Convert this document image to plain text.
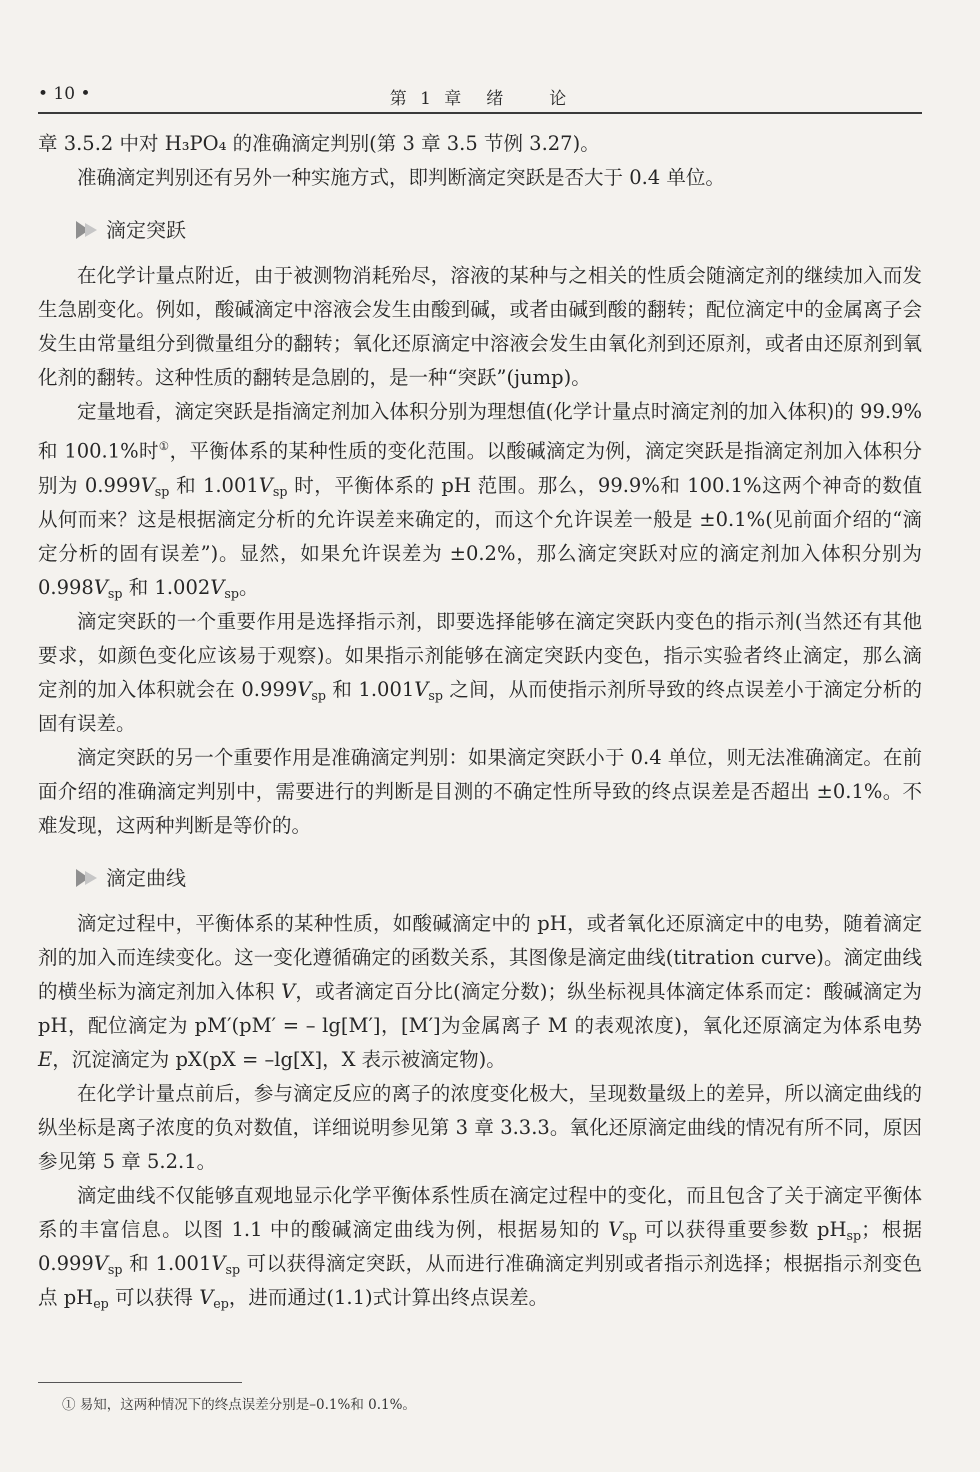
• 10 •	第 1 章　绪　　论

章 3.5.2 中对 H₃PO₄ 的准确滴定判别(第 3 章 3.5 节例 3.27)。

准确滴定判别还有另外一种实施方式，即判断滴定突跃是否大于 0.4 单位。

滴定突跃

在化学计量点附近，由于被测物消耗殆尽，溶液的某种与之相关的性质会随滴定剂的继续加入而发生急剧变化。例如，酸碱滴定中溶液会发生由酸到碱，或者由碱到酸的翻转；配位滴定中的金属离子会发生由常量组分到微量组分的翻转；氧化还原滴定中溶液会发生由氧化剂到还原剂，或者由还原剂到氧化剂的翻转。这种性质的翻转是急剧的，是一种“突跃”(jump)。

定量地看，滴定突跃是指滴定剂加入体积分别为理想值(化学计量点时滴定剂的加入体积)的 99.9%和 100.1%时①，平衡体系的某种性质的变化范围。以酸碱滴定为例，滴定突跃是指滴定剂加入体积分别为 $0.999V_{sp}$ 和 $1.001V_{sp}$ 时，平衡体系的 pH 范围。那么，99.9%和 100.1%这两个神奇的数值从何而来？这是根据滴定分析的允许误差来确定的，而这个允许误差一般是 ±0.1%(见前面介绍的“滴定分析的固有误差”)。显然，如果允许误差为 ±0.2%，那么滴定突跃对应的滴定剂加入体积分别为 $0.998V_{sp}$ 和 $1.002V_{sp}$。

滴定突跃的一个重要作用是选择指示剂，即要选择能够在滴定突跃内变色的指示剂(当然还有其他要求，如颜色变化应该易于观察)。如果指示剂能够在滴定突跃内变色，指示实验者终止滴定，那么滴定剂的加入体积就会在 $0.999V_{sp}$ 和 $1.001V_{sp}$ 之间，从而使指示剂所导致的终点误差小于滴定分析的固有误差。

滴定突跃的另一个重要作用是准确滴定判别：如果滴定突跃小于 0.4 单位，则无法准确滴定。在前面介绍的准确滴定判别中，需要进行的判断是目测的不确定性所导致的终点误差是否超出 ±0.1%。不难发现，这两种判断是等价的。

滴定曲线

滴定过程中，平衡体系的某种性质，如酸碱滴定中的 pH，或者氧化还原滴定中的电势，随着滴定剂的加入而连续变化。这一变化遵循确定的函数关系，其图像是滴定曲线(titration curve)。滴定曲线的横坐标为滴定剂加入体积 V，或者滴定百分比(滴定分数)；纵坐标视具体滴定体系而定：酸碱滴定为 pH，配位滴定为 pM′(pM′ = – lg[M′]，[M′]为金属离子 M 的表观浓度)，氧化还原滴定为体系电势 E，沉淀滴定为 pX(pX = –lg[X]，X 表示被滴定物)。

在化学计量点前后，参与滴定反应的离子的浓度变化极大，呈现数量级上的差异，所以滴定曲线的纵坐标是离子浓度的负对数值，详细说明参见第 3 章 3.3.3。氧化还原滴定曲线的情况有所不同，原因参见第 5 章 5.2.1。

滴定曲线不仅能够直观地显示化学平衡体系性质在滴定过程中的变化，而且包含了关于滴定平衡体系的丰富信息。以图 1.1 中的酸碱滴定曲线为例，根据易知的 $V_{sp}$ 可以获得重要参数 $pH_{sp}$；根据 $0.999V_{sp}$ 和 $1.001V_{sp}$ 可以获得滴定突跃，从而进行准确滴定判别或者指示剂选择；根据指示剂变色点 $pH_{ep}$ 可以获得 $V_{ep}$，进而通过(1.1)式计算出终点误差。

① 易知，这两种情况下的终点误差分别是–0.1%和 0.1%。
